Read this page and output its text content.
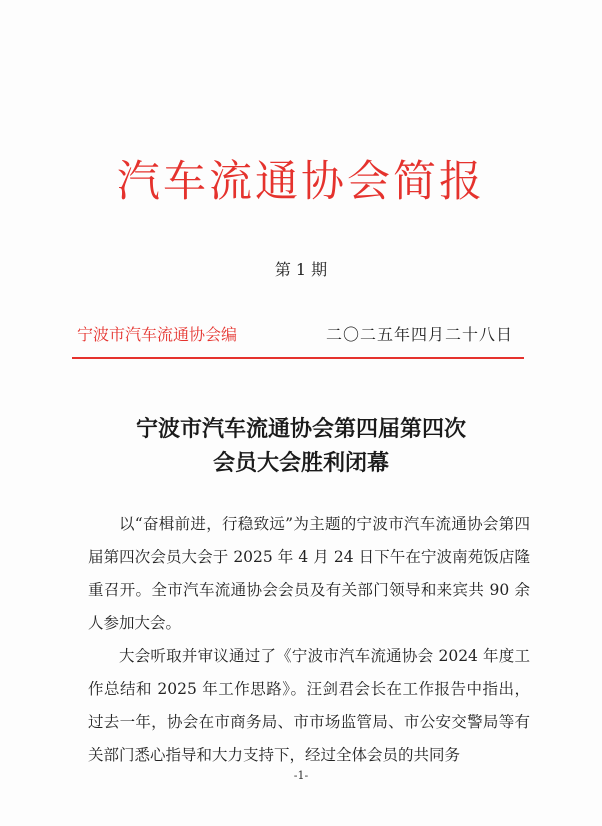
汽车流通协会简报
第 1 期
宁波市汽车流通协会编	二〇二五年四月二十八日
宁波市汽车流通协会第四届第四次
会员大会胜利闭幕

以“奋楫前进，行稳致远”为主题的宁波市汽车流通协会第四届第四次会员大会于 2025 年 4 月 24 日下午在宁波南苑饭店隆重召开。全市汽车流通协会会员及有关部门领导和来宾共 90 余人参加大会。

大会听取并审议通过了《宁波市汽车流通协会 2024 年度工作总结和 2025 年工作思路》。汪剑君会长在工作报告中指出，过去一年，协会在市商务局、市市场监管局、市公安交警局等有关部门悉心指导和大力支持下，经过全体会员的共同务

-1-
